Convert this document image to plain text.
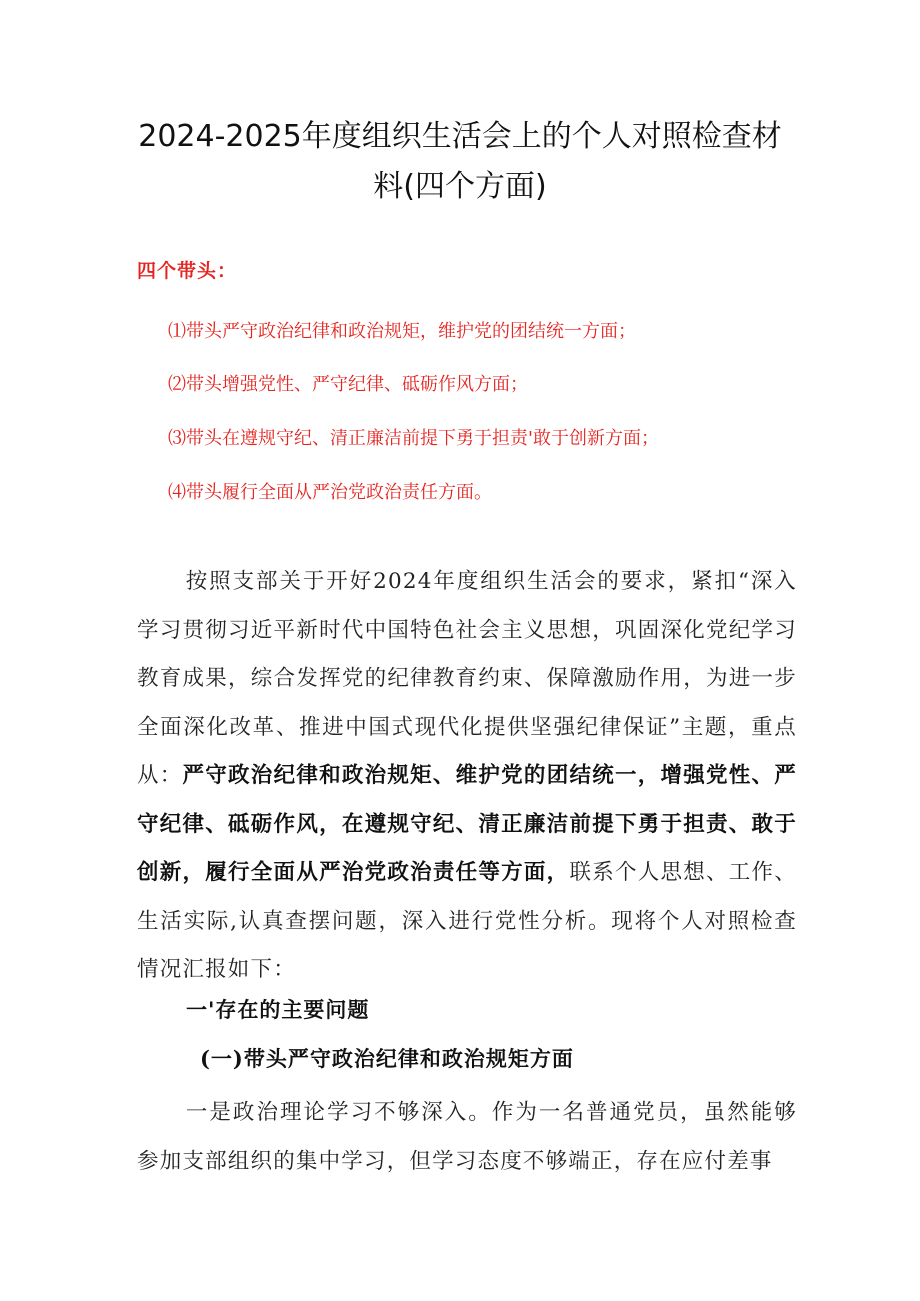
2024-2025年度组织生活会上的个人对照检查材
料(四个方面)
四个带头：
⑴带头严守政治纪律和政治规矩，维护党的团结统一方面；
⑵带头增强党性、严守纪律、砥砺作风方面；
⑶带头在遵规守纪、清正廉洁前提下勇于担责'敢于创新方面；
⑷带头履行全面从严治党政治责任方面。
按照支部关于开好2024年度组织生活会的要求，紧扣“深入学习贯彻习近平新时代中国特色社会主义思想，巩固深化党纪学习教育成果，综合发挥党的纪律教育约束、保障激励作用，为进一步全面深化改革、推进中国式现代化提供坚强纪律保证”主题，重点从：严守政治纪律和政治规矩、维护党的团结统一，增强党性、严守纪律、砥砺作风，在遵规守纪、清正廉洁前提下勇于担责、敢于创新，履行全面从严治党政治责任等方面，联系个人思想、工作、生活实际,认真查摆问题，深入进行党性分析。现将个人对照检查情况汇报如下：
一'存在的主要问题
(一)带头严守政治纪律和政治规矩方面
一是政治理论学习不够深入。作为一名普通党员，虽然能够参加支部组织的集中学习，但学习态度不够端正，存在应付差事
